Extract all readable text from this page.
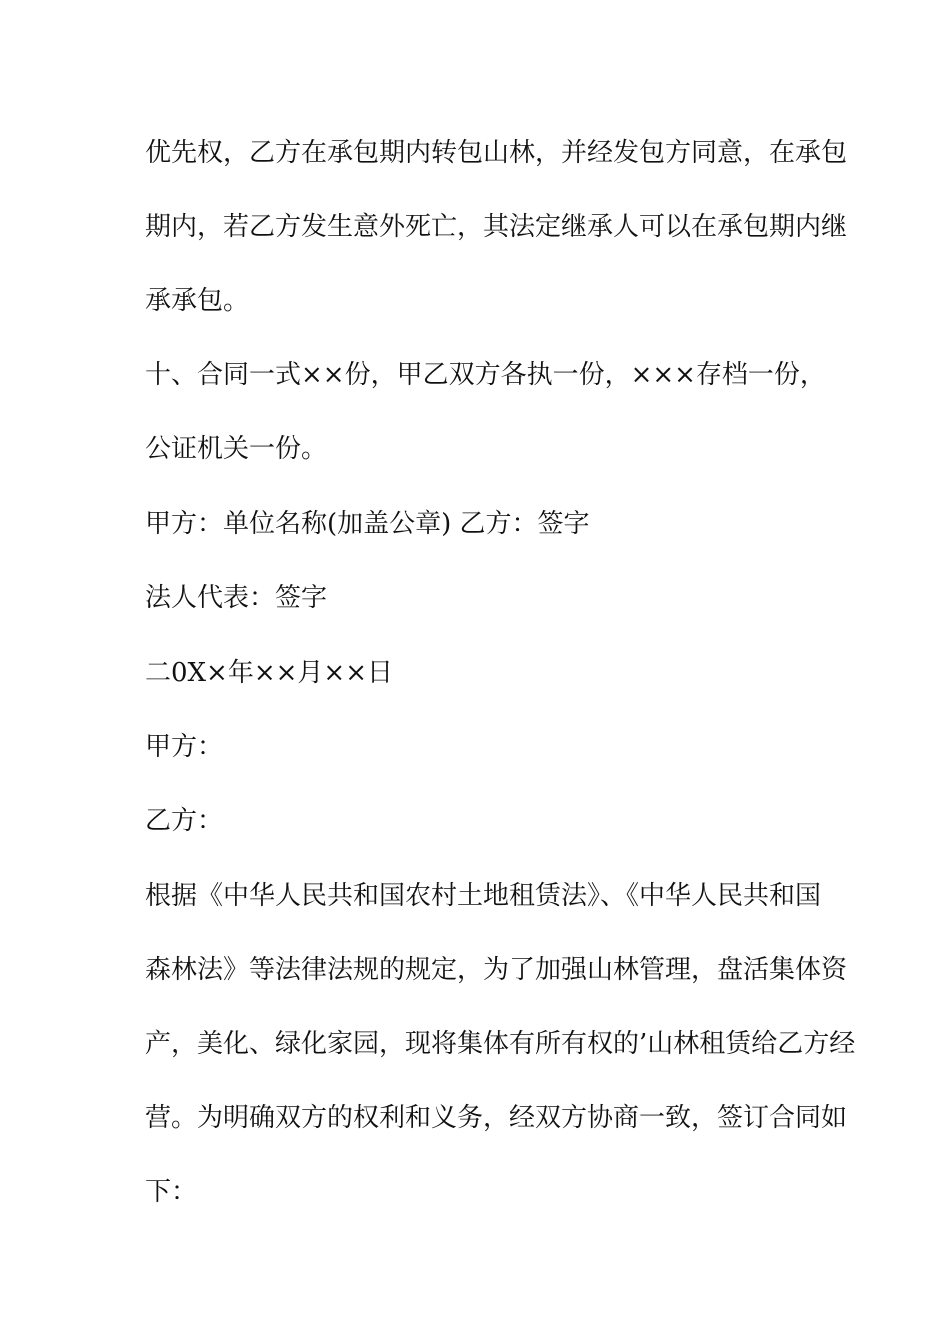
优先权，乙方在承包期内转包山林，并经发包方同意，在承包
期内，若乙方发生意外死亡，其法定继承人可以在承包期内继
承承包。
十、合同一式××份，甲乙双方各执一份，×××存档一份，
公证机关一份。
甲方：单位名称(加盖公章) 乙方：签字
法人代表：签字
二0X×年××月××日
甲方：
乙方：
根据《中华人民共和国农村土地租赁法》、《中华人民共和国
森林法》等法律法规的规定，为了加强山林管理，盘活集体资
产，美化、绿化家园，现将集体有所有权的’山林租赁给乙方经
营。为明确双方的权利和义务，经双方协商一致，签订合同如
下：
